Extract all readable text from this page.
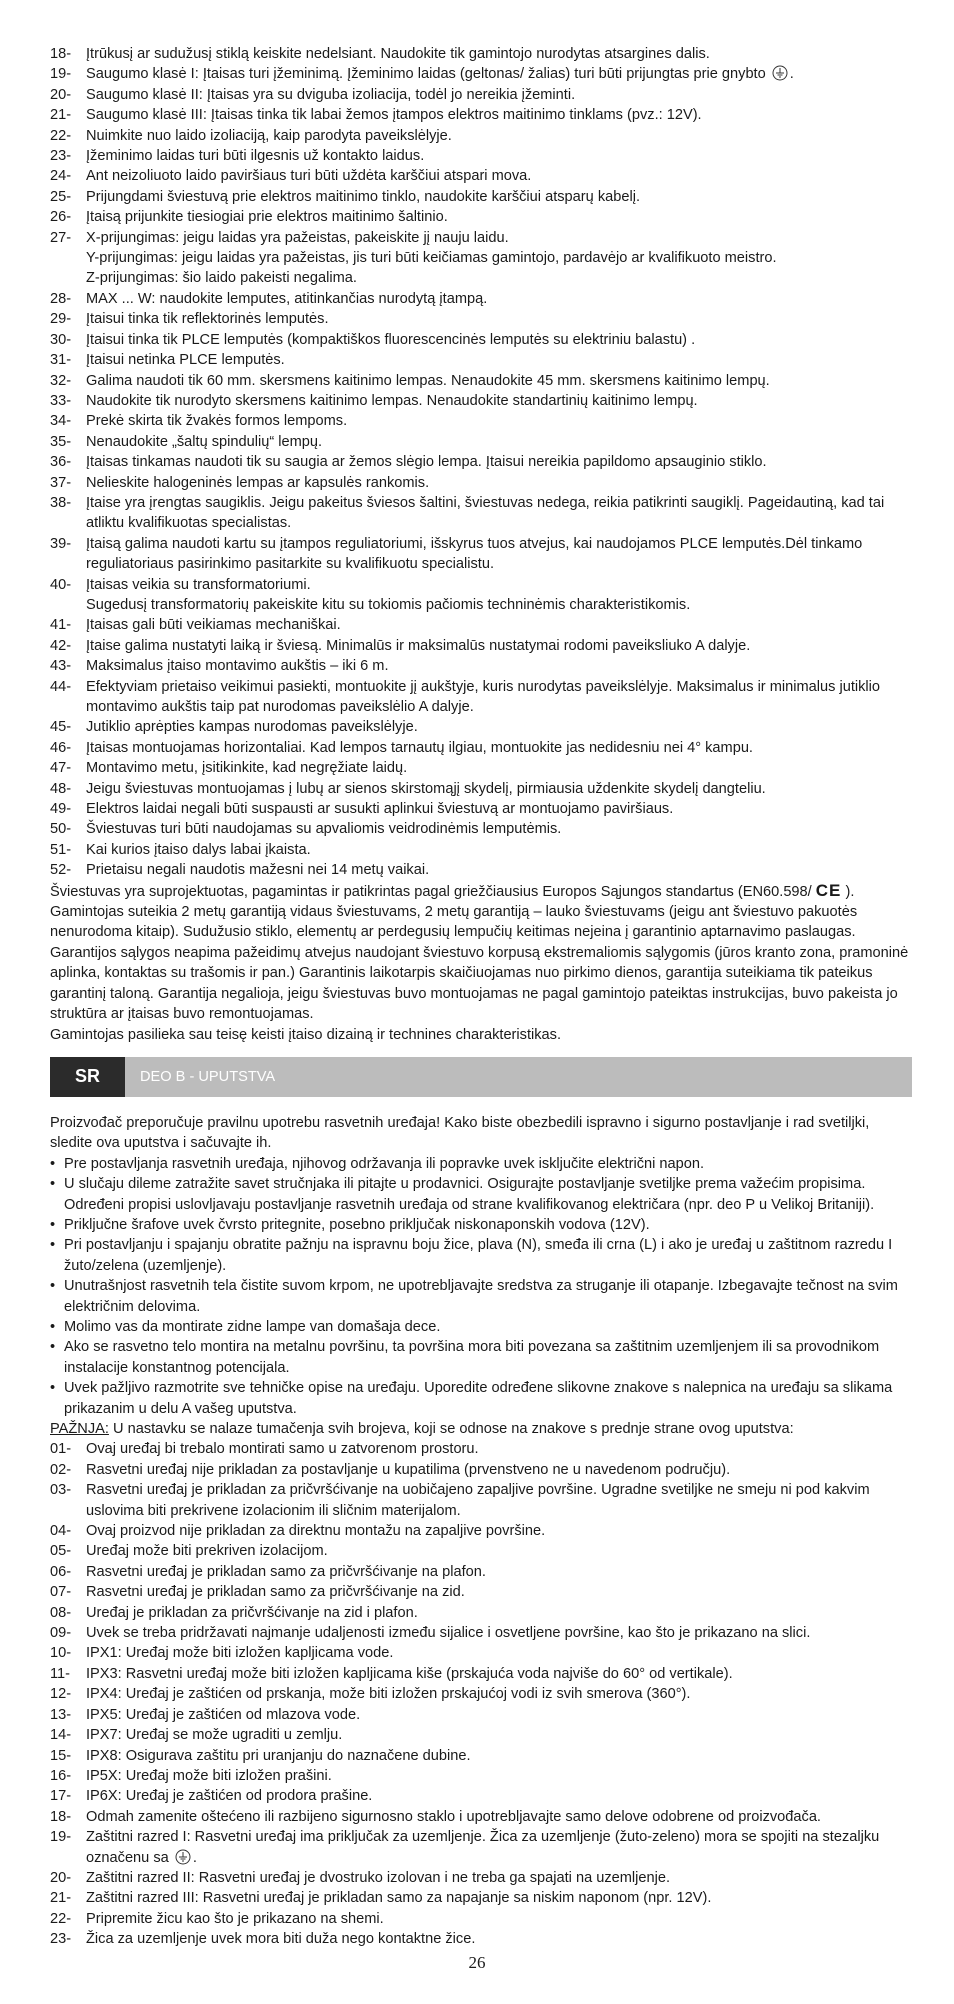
18-	Įtrūkusį ar sudužusį stiklą keiskite nedelsiant. Naudokite tik gamintojo nurodytas atsargines dalis.
19-	Saugumo klasė I: Įtaisas turi įžeminimą. Įžeminimo laidas (geltonas/ žalias) turi būti prijungtas prie gnybto .
20-	Saugumo klasė II: Įtaisas yra su dviguba izoliacija, todėl jo nereikia įžeminti.
21-	Saugumo klasė III: Įtaisas tinka tik labai žemos įtampos elektros maitinimo tinklams (pvz.: 12V).
22-	Nuimkite nuo laido izoliaciją, kaip parodyta paveikslėlyje.
23-	Įžeminimo laidas turi būti ilgesnis už kontakto laidus.
24-	Ant neizoliuoto laido paviršiaus turi būti uždėta karščiui atspari mova.
25-	Prijungdami šviestuvą prie elektros maitinimo tinklo, naudokite karščiui atsparų kabelį.
26-	Įtaisą prijunkite tiesiogiai prie elektros maitinimo šaltinio.
27-	X-prijungimas: jeigu laidas yra pažeistas, pakeiskite jį nauju laidu.
Y-prijungimas: jeigu laidas yra pažeistas, jis turi būti keičiamas gamintojo, pardavėjo ar kvalifikuoto meistro.
Z-prijungimas: šio laido pakeisti negalima.
28-	MAX ... W: naudokite lemputes, atitinkančias nurodytą įtampą.
29-	Įtaisui tinka tik reflektorinės lemputės.
30-	Įtaisui tinka tik PLCE lemputės (kompaktiškos fluorescencinės lemputės su elektriniu balastu) .
31-	Įtaisui netinka PLCE lemputės.
32-	Galima naudoti tik 60 mm. skersmens kaitinimo lempas. Nenaudokite 45 mm. skersmens kaitinimo lempų.
33-	Naudokite tik nurodyto skersmens kaitinimo lempas. Nenaudokite standartinių kaitinimo lempų.
34-	Prekė skirta tik žvakės formos lempoms.
35-	Nenaudokite „šaltų spindulių“ lempų.
36-	Įtaisas tinkamas naudoti tik su saugia ar žemos slėgio lempa. Įtaisui nereikia papildomo apsauginio stiklo.
37-	Nelieskite halogeninės lempas ar kapsulės rankomis.
38-	Įtaise yra įrengtas saugiklis. Jeigu pakeitus šviesos šaltini, šviestuvas nedega, reikia patikrinti saugiklį. Pageidautiną, kad tai
atliktu kvalifikuotas specialistas.
39-	Įtaisą galima naudoti kartu su įtampos reguliatoriumi, išskyrus tuos atvejus, kai naudojamos PLCE lemputės.Dėl tinkamo
reguliatoriaus pasirinkimo pasitarkite su kvalifikuotu specialistu.
40-	Įtaisas veikia su transformatoriumi.
Sugedusį transformatorių pakeiskite kitu su tokiomis pačiomis techninėmis charakteristikomis.
41-	Įtaisas gali būti veikiamas mechaniškai.
42-	Įtaise galima nustatyti laiką ir šviesą. Minimalūs ir maksimalūs nustatymai rodomi paveiksliuko A dalyje.
43-	Maksimalus įtaiso montavimo aukštis – iki 6 m.
44-	Efektyviam prietaiso veikimui pasiekti, montuokite jį aukštyje, kuris nurodytas paveikslėlyje. Maksimalus ir minimalus jutiklio
montavimo aukštis taip pat nurodomas paveikslėlio A dalyje.
45-	Jutiklio aprėpties kampas nurodomas paveikslėlyje.
46-	Įtaisas montuojamas horizontaliai. Kad lempos tarnautų ilgiau, montuokite jas nedidesniu nei 4° kampu.
47-	Montavimo metu, įsitikinkite, kad negręžiate laidų.
48-	Jeigu šviestuvas montuojamas į lubų ar sienos skirstomąjį skydelį, pirmiausia uždenkite skydelį dangteliu.
49-	Elektros laidai negali būti suspausti ar susukti aplinkui šviestuvą ar montuojamo paviršiaus.
50-	Šviestuvas turi būti naudojamas su apvaliomis veidrodinėmis lemputėmis.
51-	Kai kurios įtaiso dalys labai įkaista.
52-	Prietaisu negali naudotis mažesni nei 14 metų vaikai.
Šviestuvas yra suprojektuotas, pagamintas ir patikrintas pagal griežčiausius Europos Sąjungos standartus (EN60.598/ CE ).
Gamintojas suteikia 2 metų garantiją vidaus šviestuvams, 2 metų garantiją – lauko šviestuvams (jeigu ant šviestuvo pakuotės
nenurodoma kitaip). Sudužusio stiklo, elementų ar perdegusių lempučių keitimas nejeina į garantinio aptarnavimo paslaugas.
Garantijos sąlygos neapima pažeidimų atvejus naudojant šviestuvo korpusą ekstremaliomis sąlygomis (jūros kranto zona, pramoninė
aplinka, kontaktas su trašomis ir pan.) Garantinis laikotarpis skaičiuojamas nuo pirkimo dienos, garantija suteikiama tik pateikus
garantinį taloną. Garantija negalioja, jeigu šviestuvas buvo montuojamas ne pagal gamintojo pateiktas instrukcijas, buvo pakeista jo
struktūra ar įtaisas buvo remontuojamas.
Gamintojas pasilieka sau teisę keisti įtaiso dizainą ir technines charakteristikas.
SR	DEO B - UPUTSTVA
Proizvođač preporučuje pravilnu upotrebu rasvetnih uređaja! Kako biste obezbedili ispravno i sigurno postavljanje i rad svetiljki,
sledite ova uputstva i sačuvajte ih.
• Pre postavljanja rasvetnih uređaja, njihovog održavanja ili popravke uvek isključite električni napon.
• U slučaju dileme zatražite savet stručnjaka ili pitajte u prodavnici. Osigurajte postavljanje svetiljke prema važećim propisima.
Određeni propisi uslovljavaju postavljanje rasvetnih uređaja od strane kvalifikovanog električara (npr. deo P u Velikoj Britaniji).
• Priključne šrafove uvek čvrsto pritegnite, posebno priključak niskonaponskih vodova (12V).
• Pri postavljanju i spajanju obratite pažnju na ispravnu boju žice, plava (N), smeđa ili crna (L) i ako je uređaj u zaštitnom razredu I
žuto/zelena (uzemljenje).
• Unutrašnjost rasvetnih tela čistite suvom krpom, ne upotrebljavajte sredstva za struganje ili otapanje. Izbegavajte tečnost na svim
električnim delovima.
• Molimo vas da montirate zidne lampe van domašaja dece.
• Ako se rasvetno telo montira na metalnu površinu, ta površina mora biti povezana sa zaštitnim uzemljenjem ili sa provodnikom
instalacije konstantnog potencijala.
• Uvek pažljivo razmotrite sve tehničke opise na uređaju. Uporedite određene slikovne znakove s nalepnica na uređaju sa slikama
prikazanim u delu A vašeg uputstva.
PAŽNJA: U nastavku se nalaze tumačenja svih brojeva, koji se odnose na znakove s prednje strane ovog uputstva:
01-	Ovaj uređaj bi trebalo montirati samo u zatvorenom prostoru.
02-	Rasvetni uređaj nije prikladan za postavljanje u kupatilima (prvenstveno ne u navedenom području).
03-	Rasvetni uređaj je prikladan za pričvršćivanje na uobičajeno zapaljive površine. Ugradne svetiljke ne smeju ni pod kakvim
uslovima biti prekrivene izolacionim ili sličnim materijalom.
04-	Ovaj proizvod nije prikladan za direktnu montažu na zapaljive površine.
05-	Uređaj može biti prekriven izolacijom.
06-	Rasvetni uređaj je prikladan samo za pričvršćivanje na plafon.
07-	Rasvetni uređaj je prikladan samo za pričvršćivanje na zid.
08-	Uređaj je prikladan za pričvršćivanje na zid i plafon.
09-	Uvek se treba pridržavati najmanje udaljenosti između sijalice i osvetljene površine, kao što je prikazano na slici.
10-	IPX1: Uređaj može biti izložen kapljicama vode.
11-	IPX3: Rasvetni uređaj može biti izložen kapljicama kiše (prskajuća voda najviše do 60° od vertikale).
12-	IPX4: Uređaj je zaštićen od prskanja, može biti izložen prskajućoj vodi iz svih smerova (360°).
13-	IPX5: Uređaj je zaštićen od mlazova vode.
14-	IPX7: Uređaj se može ugraditi u zemlju.
15-	IPX8: Osigurava zaštitu pri uranjanju do naznačene dubine.
16-	IP5X: Uređaj može biti izložen prašini.
17-	IP6X: Uređaj je zaštićen od prodora prašine.
18-	Odmah zamenite oštećeno ili razbijeno sigurnosno staklo i upotrebljavajte samo delove odobrene od proizvođača.
19-	Zaštitni razred I: Rasvetni uređaj ima priključak za uzemljenje. Žica za uzemljenje (žuto-zeleno) mora se spojiti na stezaljku
označenu sa .
20-	Zaštitni razred II: Rasvetni uređaj je dvostruko izolovan i ne treba ga spajati na uzemljenje.
21-	Zaštitni razred III: Rasvetni uređaj je prikladan samo za napajanje sa niskim naponom (npr. 12V).
22-	Pripremite žicu kao što je prikazano na shemi.
23-	Žica za uzemljenje uvek mora biti duža nego kontaktne žice.
26
